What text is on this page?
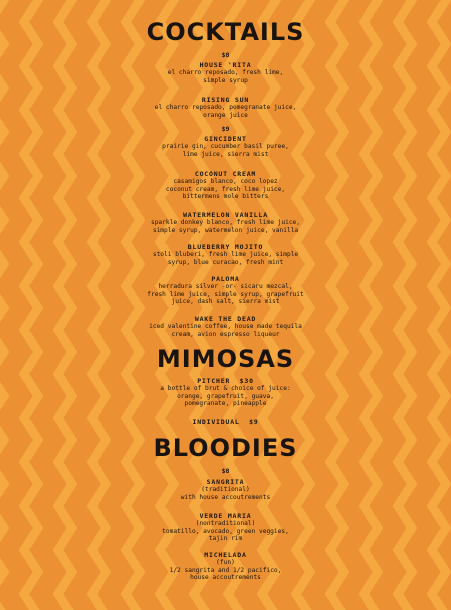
COCKTAILS
$8
HOUSE 'RITA
el charro reposado, fresh lime,
simple syrup
RISING SUN
el charro reposado, pomegranate juice,
orange juice
$9
GINCIDENT
prairie gin, cucumber basil puree,
lime juice, sierra mist
COCONUT CREAM
casamigos blanco, coco lopez
coconut cream, fresh lime juice,
bittermens mole bitters
WATERMELON VANILLA
sparkle donkey blanco, fresh lime juice,
simple syrup, watermelon juice, vanilla
BLUEBERRY MOJITO
stoli bluberi, fresh lime juice, simple
syrup, blue curacao, fresh mint
PALOMA
herradura silver -or- sicaru mezcal,
fresh lime juice, simple syrup, grapefruit
juice, dash salt, sierra mist
WAKE THE DEAD
iced valentine coffee, house made tequila
cream, avion espresso liqueur
MIMOSAS
PITCHER $30
a bottle of brut & choice of juice:
orange, grapefruit, guava,
pomegranate, pineapple
INDIVIDUAL $9
BLOODIES
$8
SANGRITA
(traditional)
with house accoutrements
VERDE MARIA
(nontraditional)
tomatillo, avocado, green veggies,
tajin rim
MICHELADA
(fun)
1/2 sangrita and 1/2 pacifico,
house accoutrements
